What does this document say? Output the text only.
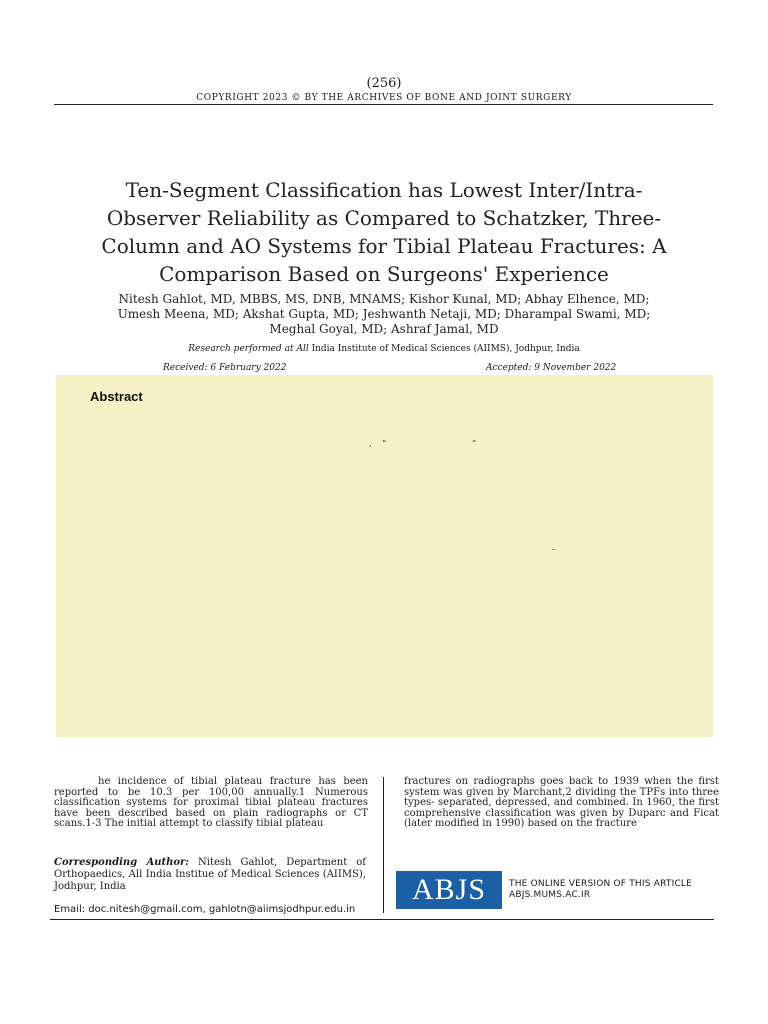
(256)
COPYRIGHT 2023 © BY THE ARCHIVES OF BONE AND JOINT SURGERY
Ten-Segment Classification has Lowest Inter/Intra-Observer Reliability as Compared to Schatzker, Three-Column and AO Systems for Tibial Plateau Fractures: A Comparison Based on Surgeons' Experience
Nitesh Gahlot, MD, MBBS, MS, DNB, MNAMS; Kishor Kunal, MD; Abhay Elhence, MD; Umesh Meena, MD; Akshat Gupta, MD; Jeshwanth Netaji, MD; Dharampal Swami, MD; Meghal Goyal, MD; Ashraf Jamal, MD
Research performed at All India Institute of Medical Sciences (AIIMS), Jodhpur, India
Received: 6 February 2022	Accepted: 9 November 2022
Abstract
, “	”
–
he incidence of tibial plateau fracture has been reported to be 10.3 per 100,00 annually.1 Numerous classification systems for proximal tibial plateau fractures have been described based on plain radiographs or CT scans.1-3 The initial attempt to classify tibial plateau
fractures on radiographs goes back to 1939 when the first system was given by Marchant,2 dividing the TPFs into three types- separated, depressed, and combined. In 1960, the first comprehensive classification was given by Duparc and Ficat (later modified in 1990) based on the fracture
Corresponding Author: Nitesh Gahlot, Department of Orthopaedics, All India Institue of Medical Sciences (AIIMS), Jodhpur, India
Email: doc.nitesh@gmail.com, gahlotn@aiimsjodhpur.edu.in
ABJS	THE ONLINE VERSION OF THIS ARTICLE
ABJS.MUMS.AC.IR
